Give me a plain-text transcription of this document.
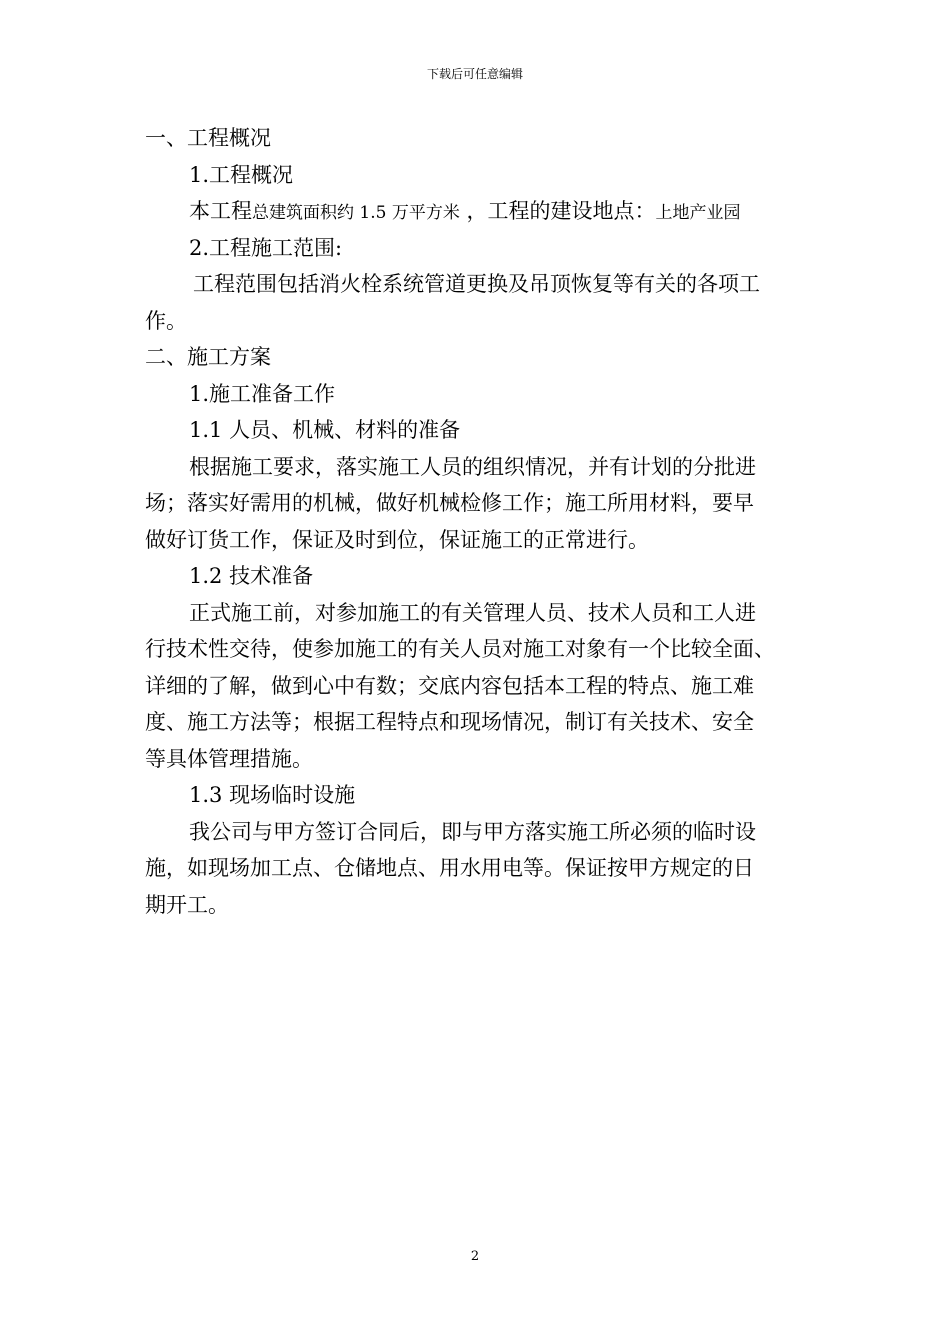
下载后可任意编辑
一、工程概况
1.工程概况
本工程总建筑面积约 1.5 万平方米 ，工程的建设地点：上地产业园
2.工程施工范围:
工程范围包括消火栓系统管道更换及吊顶恢复等有关的各项工
作。
二、施工方案
1.施工准备工作
1.1 人员、机械、材料的准备
根据施工要求，落实施工人员的组织情况，并有计划的分批进
场；落实好需用的机械，做好机械检修工作；施工所用材料，要早
做好订货工作，保证及时到位，保证施工的正常进行。
1.2 技术准备
正式施工前，对参加施工的有关管理人员、技术人员和工人进
行技术性交待，使参加施工的有关人员对施工对象有一个比较全面、
详细的了解，做到心中有数；交底内容包括本工程的特点、施工难
度、施工方法等；根据工程特点和现场情况，制订有关技术、安全
等具体管理措施。
1.3 现场临时设施
我公司与甲方签订合同后，即与甲方落实施工所必须的临时设
施，如现场加工点、仓储地点、用水用电等。保证按甲方规定的日
期开工。
2
